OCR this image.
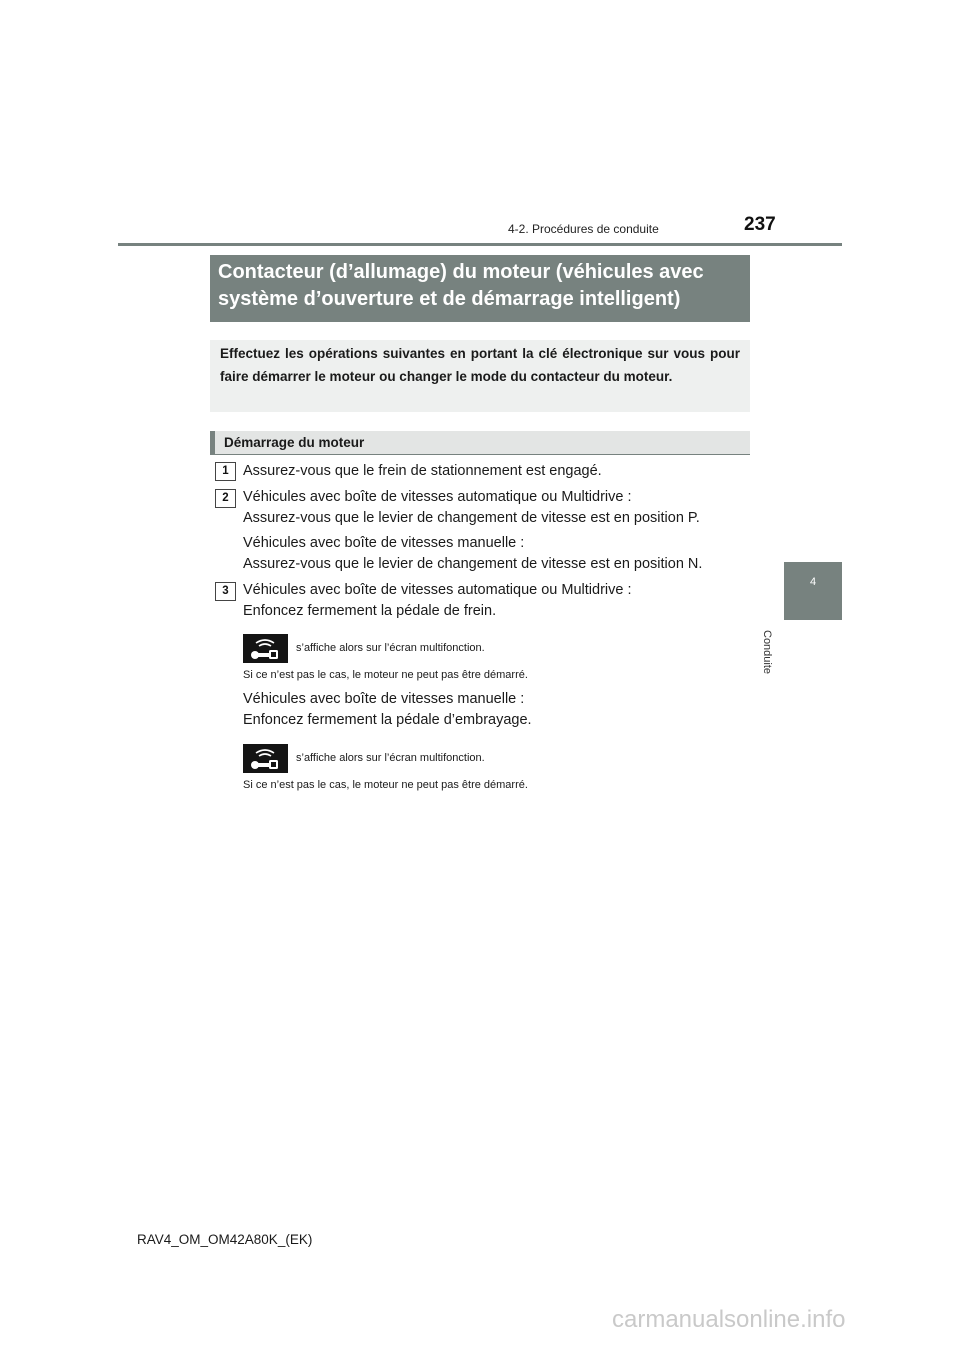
4-2. Procédures de conduite	237
4
Conduite
Contacteur (d’allumage) du moteur (véhicules avec
système d’ouverture et de démarrage intelligent)
Effectuez les opérations suivantes en portant la clé électronique sur vous pour faire démarrer le moteur ou changer le mode du contacteur du moteur.
Démarrage du moteur
1 Assurez-vous que le frein de stationnement est engagé.
2 Véhicules avec boîte de vitesses automatique ou Multidrive :
Assurez-vous que le levier de changement de vitesse est en position P.
Véhicules avec boîte de vitesses manuelle :
Assurez-vous que le levier de changement de vitesse est en position N.
3 Véhicules avec boîte de vitesses automatique ou Multidrive :
Enfoncez fermement la pédale de frein.
s’affiche alors sur l’écran multifonction.
Si ce n’est pas le cas, le moteur ne peut pas être démarré.
Véhicules avec boîte de vitesses manuelle :
Enfoncez fermement la pédale d’embrayage.
s’affiche alors sur l’écran multifonction.
Si ce n’est pas le cas, le moteur ne peut pas être démarré.
RAV4_OM_OM42A80K_(EK)
carmanualsonline.info
